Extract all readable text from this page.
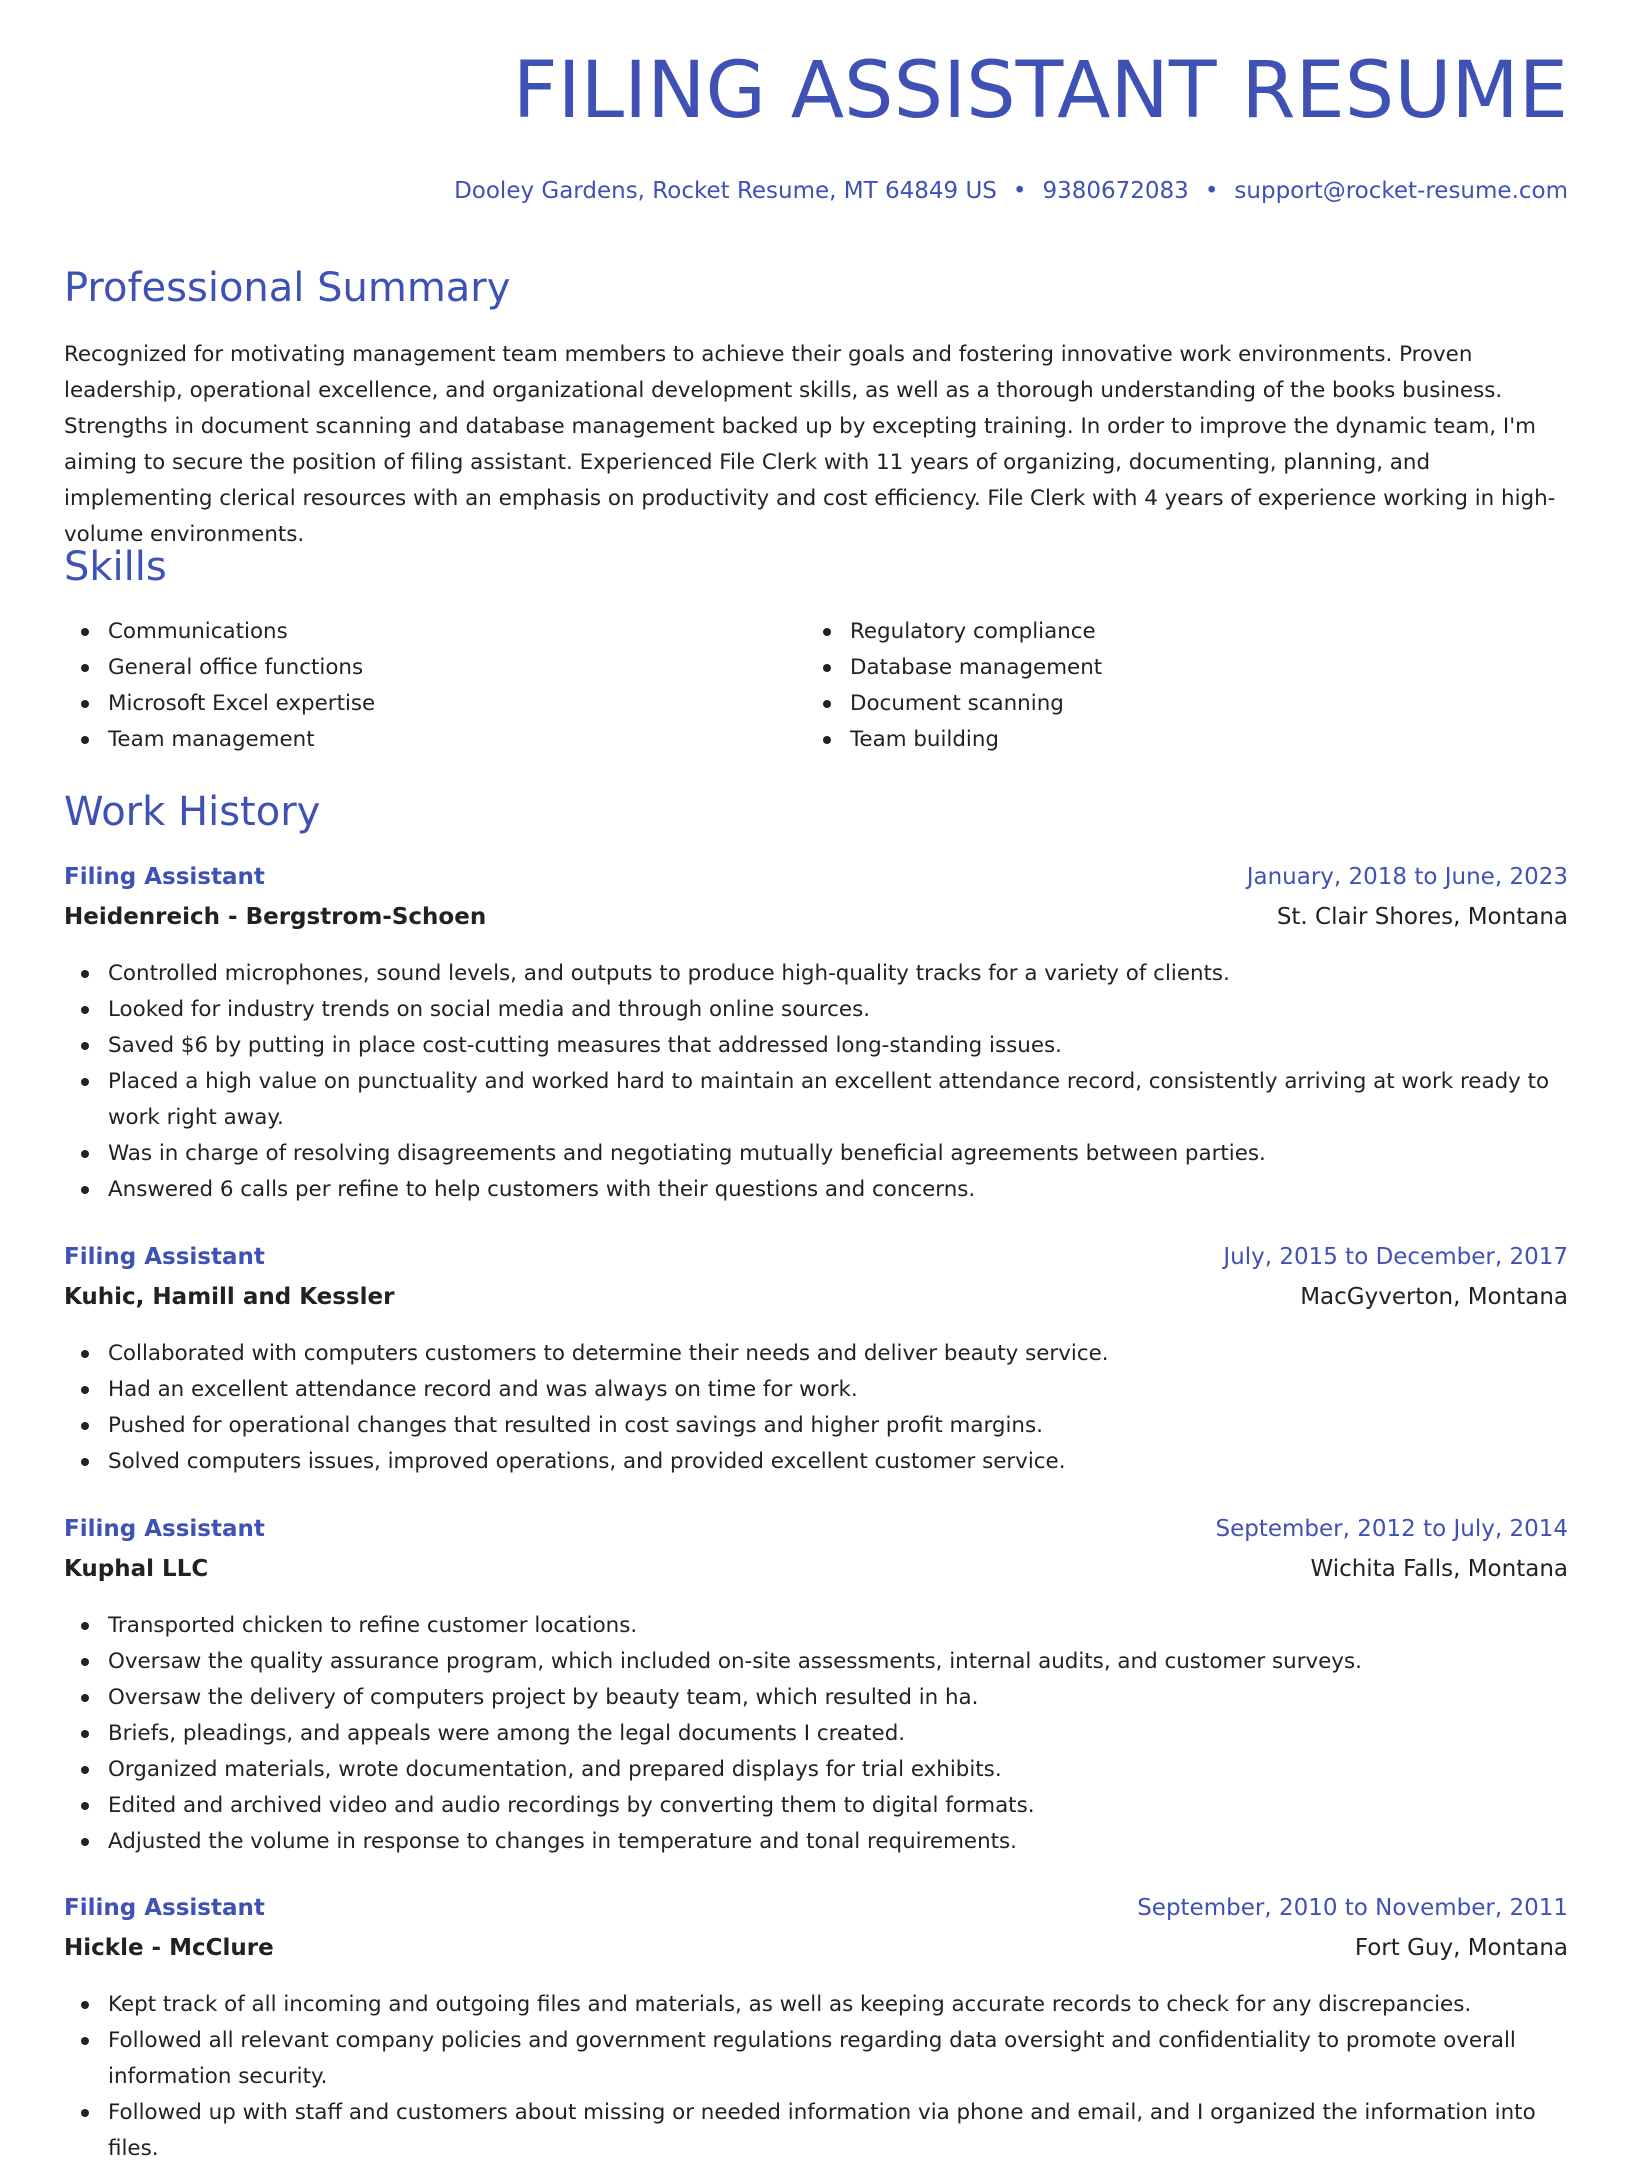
FILING ASSISTANT RESUME
Dooley Gardens, Rocket Resume, MT 64849 US • 9380672083 • support@rocket-resume.com
Professional Summary

Recognized for motivating management team members to achieve their goals and fostering innovative work environments. Proven leadership, operational excellence, and organizational development skills, as well as a thorough understanding of the books business. Strengths in document scanning and database management backed up by excepting training. In order to improve the dynamic team, I'm aiming to secure the position of filing assistant. Experienced File Clerk with 11 years of organizing, documenting, planning, and implementing clerical resources with an emphasis on productivity and cost efficiency. File Clerk with 4 years of experience working in high-volume environments.

Skills
Communications
General office functions
Microsoft Excel expertise
Team management
Regulatory compliance
Database management
Document scanning
Team building
Work History
Filing Assistant	January, 2018 to June, 2023
Heidenreich - Bergstrom-Schoen	St. Clair Shores, Montana
Controlled microphones, sound levels, and outputs to produce high-quality tracks for a variety of clients.
Looked for industry trends on social media and through online sources.
Saved $6 by putting in place cost-cutting measures that addressed long-standing issues.
Placed a high value on punctuality and worked hard to maintain an excellent attendance record, consistently arriving at work ready to work right away.
Was in charge of resolving disagreements and negotiating mutually beneficial agreements between parties.
Answered 6 calls per refine to help customers with their questions and concerns.
Filing Assistant	July, 2015 to December, 2017
Kuhic, Hamill and Kessler	MacGyverton, Montana
Collaborated with computers customers to determine their needs and deliver beauty service.
Had an excellent attendance record and was always on time for work.
Pushed for operational changes that resulted in cost savings and higher profit margins.
Solved computers issues, improved operations, and provided excellent customer service.
Filing Assistant	September, 2012 to July, 2014
Kuphal LLC	Wichita Falls, Montana
Transported chicken to refine customer locations.
Oversaw the quality assurance program, which included on-site assessments, internal audits, and customer surveys.
Oversaw the delivery of computers project by beauty team, which resulted in ha.
Briefs, pleadings, and appeals were among the legal documents I created.
Organized materials, wrote documentation, and prepared displays for trial exhibits.
Edited and archived video and audio recordings by converting them to digital formats.
Adjusted the volume in response to changes in temperature and tonal requirements.
Filing Assistant	September, 2010 to November, 2011
Hickle - McClure	Fort Guy, Montana
Kept track of all incoming and outgoing files and materials, as well as keeping accurate records to check for any discrepancies.
Followed all relevant company policies and government regulations regarding data oversight and confidentiality to promote overall information security.
Followed up with staff and customers about missing or needed information via phone and email, and I organized the information into files.
